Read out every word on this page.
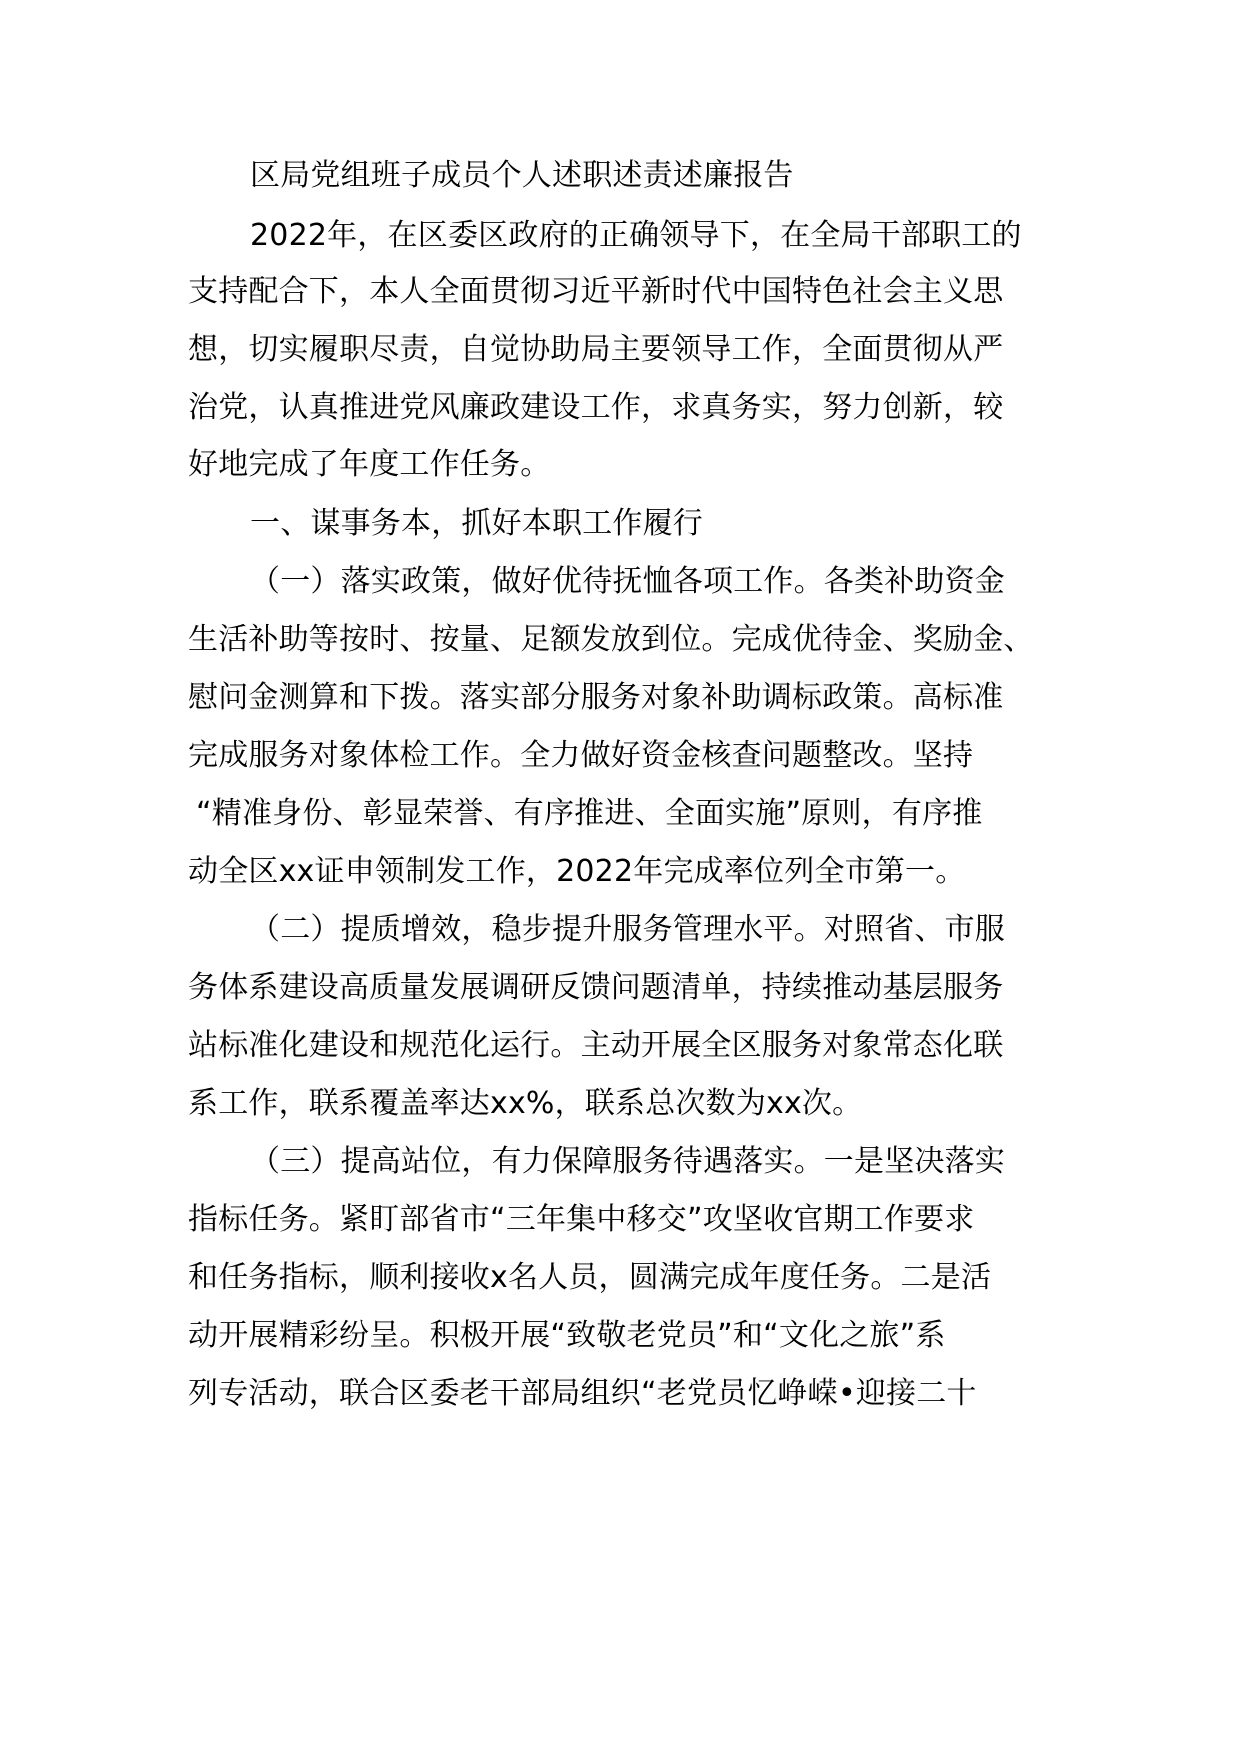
区局党组班子成员个人述职述责述廉报告
2022年，在区委区政府的正确领导下，在全局干部职工的
支持配合下，本人全面贯彻习近平新时代中国特色社会主义思
想，切实履职尽责，自觉协助局主要领导工作，全面贯彻从严
治党，认真推进党风廉政建设工作，求真务实，努力创新，较
好地完成了年度工作任务。
一、谋事务本，抓好本职工作履行
（一）落实政策，做好优待抚恤各项工作。各类补助资金
生活补助等按时、按量、足额发放到位。完成优待金、奖励金、
慰问金测算和下拨。落实部分服务对象补助调标政策。高标准
完成服务对象体检工作。全力做好资金核查问题整改。坚持
“精准身份、彰显荣誉、有序推进、全面实施”原则，有序推
动全区xx证申领制发工作，2022年完成率位列全市第一。
（二）提质增效，稳步提升服务管理水平。对照省、市服
务体系建设高质量发展调研反馈问题清单，持续推动基层服务
站标准化建设和规范化运行。主动开展全区服务对象常态化联
系工作，联系覆盖率达xx%，联系总次数为xx次。
（三）提高站位，有力保障服务待遇落实。一是坚决落实
指标任务。紧盯部省市“三年集中移交”攻坚收官期工作要求
和任务指标，顺利接收x名人员，圆满完成年度任务。二是活
动开展精彩纷呈。积极开展“致敬老党员”和“文化之旅”系
列专活动，联合区委老干部局组织“老党员忆峥嵘•迎接二十
